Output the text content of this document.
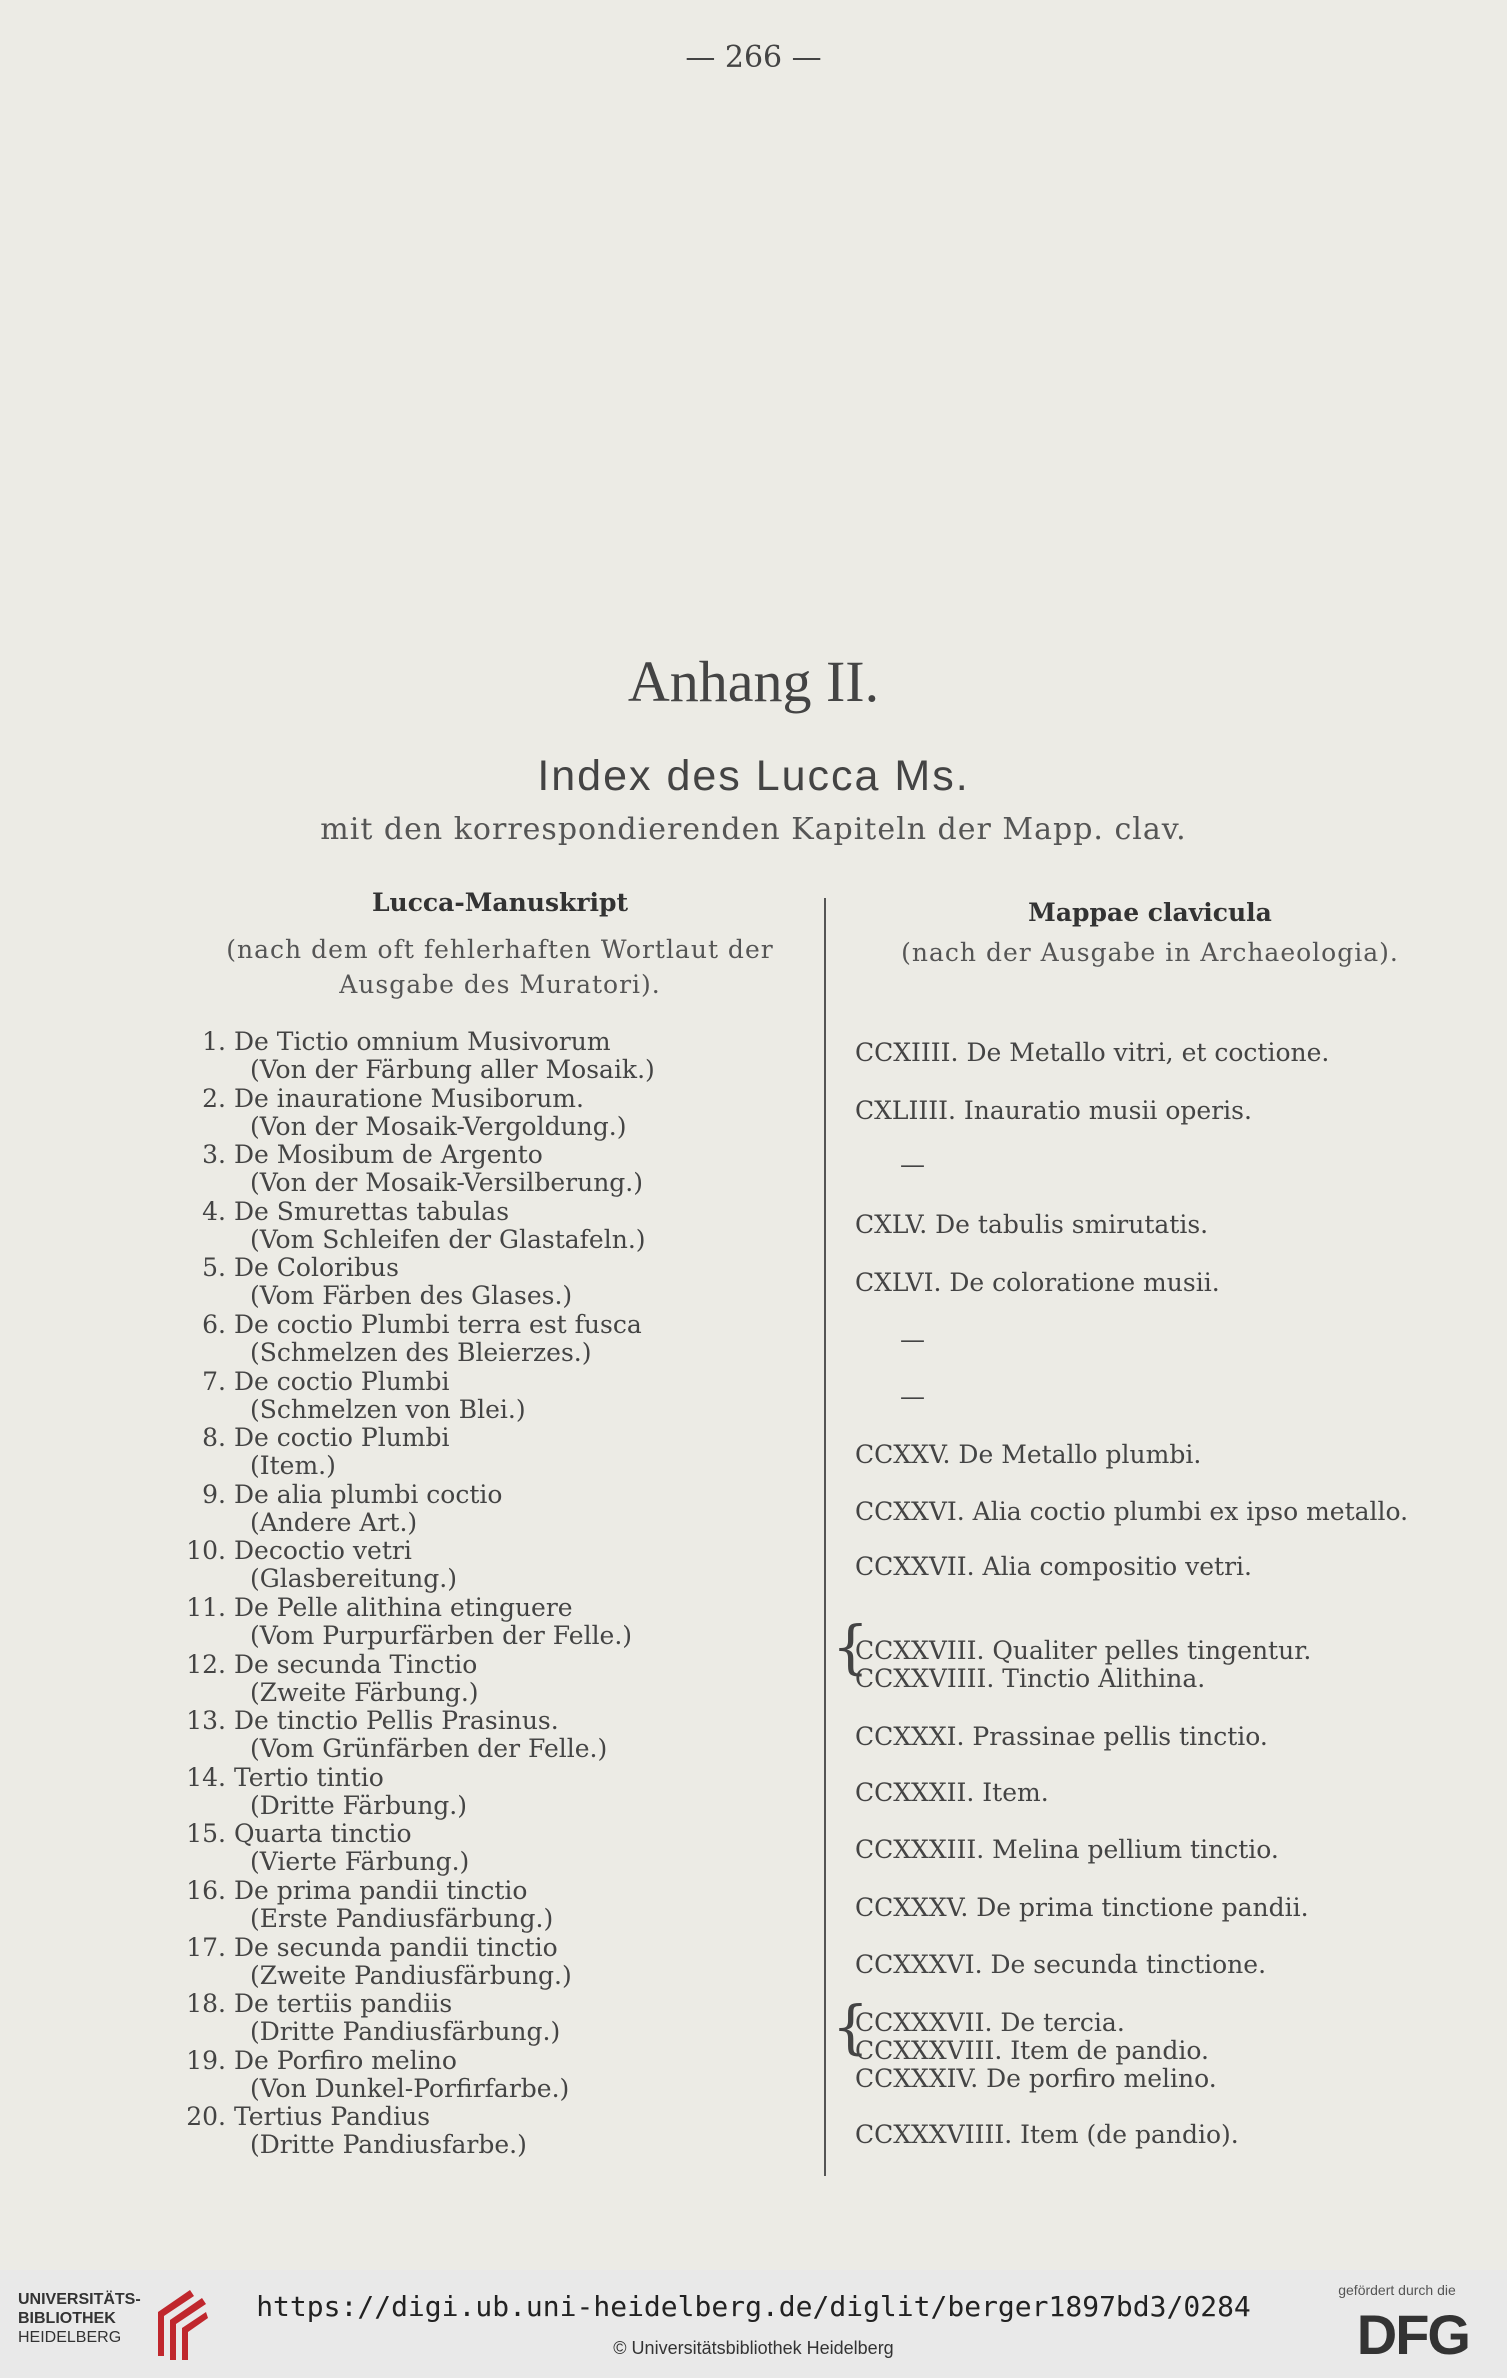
— 266 —
Anhang II.
Index des Lucca Ms.
mit den korrespondierenden Kapiteln der Mapp. clav.
Lucca-Manuskript
(nach dem oft fehlerhaften Wortlaut der
Ausgabe des Muratori).
Mappae clavicula
(nach der Ausgabe in Archaeologia).
1. De Tictio omnium Musivorum
(Von der Färbung aller Mosaik.)
2. De inauratione Musiborum.
(Von der Mosaik-Vergoldung.)
3. De Mosibum de Argento
(Von der Mosaik-Versilberung.)
4. De Smurettas tabulas
(Vom Schleifen der Glastafeln.)
5. De Coloribus
(Vom Färben des Glases.)
6. De coctio Plumbi terra est fusca
(Schmelzen des Bleierzes.)
7. De coctio Plumbi
(Schmelzen von Blei.)
8. De coctio Plumbi
(Item.)
9. De alia plumbi coctio
(Andere Art.)
10. Decoctio vetri
(Glasbereitung.)
11. De Pelle alithina etinguere
(Vom Purpurfärben der Felle.)
12. De secunda Tinctio
(Zweite Färbung.)
13. De tinctio Pellis Prasinus.
(Vom Grünfärben der Felle.)
14. Tertio tintio
(Dritte Färbung.)
15. Quarta tinctio
(Vierte Färbung.)
16. De prima pandii tinctio
(Erste Pandiusfärbung.)
17. De secunda pandii tinctio
(Zweite Pandiusfärbung.)
18. De tertiis pandiis
(Dritte Pandiusfärbung.)
19. De Porfiro melino
(Von Dunkel-Porfirfarbe.)
20. Tertius Pandius
(Dritte Pandiusfarbe.)
CCXIIII. De Metallo vitri, et coctione.
CXLIIII. Inauratio musii operis.
—
CXLV. De tabulis smirutatis.
CXLVI. De coloratione musii.
—
—
CCXXV. De Metallo plumbi.
CCXXVI. Alia coctio plumbi ex ipso metallo.
CCXXVII. Alia compositio vetri.
CCXXVIII. Qualiter pelles tingentur.
CCXXVIIII. Tinctio Alithina.
CCXXXI. Prassinae pellis tinctio.
CCXXXII. Item.
CCXXXIII. Melina pellium tinctio.
CCXXXV. De prima tinctione pandii.
CCXXXVI. De secunda tinctione.
CCXXXVII. De tercia.
CCXXXVIII. Item de pandio.
CCXXXIV. De porfiro melino.
CCXXXVIIII. Item (de pandio).
{
{
UNIVERSITÄTS-
BIBLIOTHEK
HEIDELBERG
https://digi.ub.uni-heidelberg.de/diglit/berger1897bd3/0284
© Universitätsbibliothek Heidelberg
gefördert durch die
DFG
